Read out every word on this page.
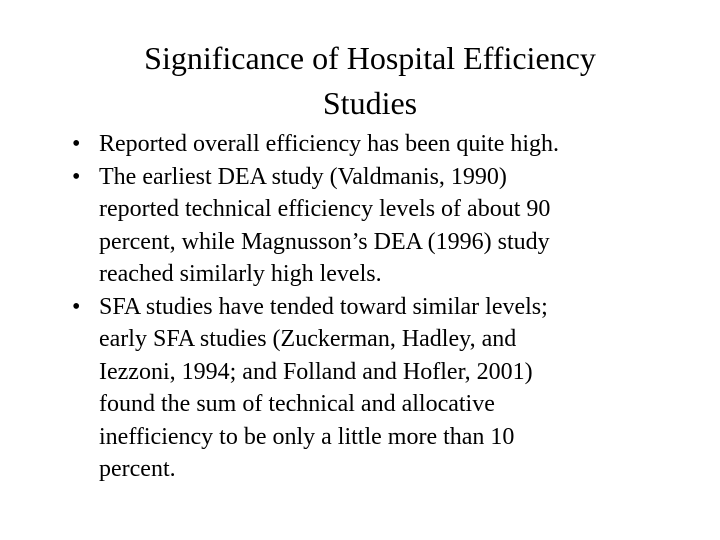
Significance of Hospital Efficiency
Studies
• Reported overall efficiency has been quite high.
• The earliest DEA study (Valdmanis, 1990)
reported technical efficiency levels of about 90
percent, while Magnusson’s DEA (1996) study
reached similarly high levels.
• SFA studies have tended toward similar levels;
early SFA studies (Zuckerman, Hadley, and
Iezzoni, 1994; and Folland and Hofler, 2001)
found the sum of technical and allocative
inefficiency to be only a little more than 10
percent.
